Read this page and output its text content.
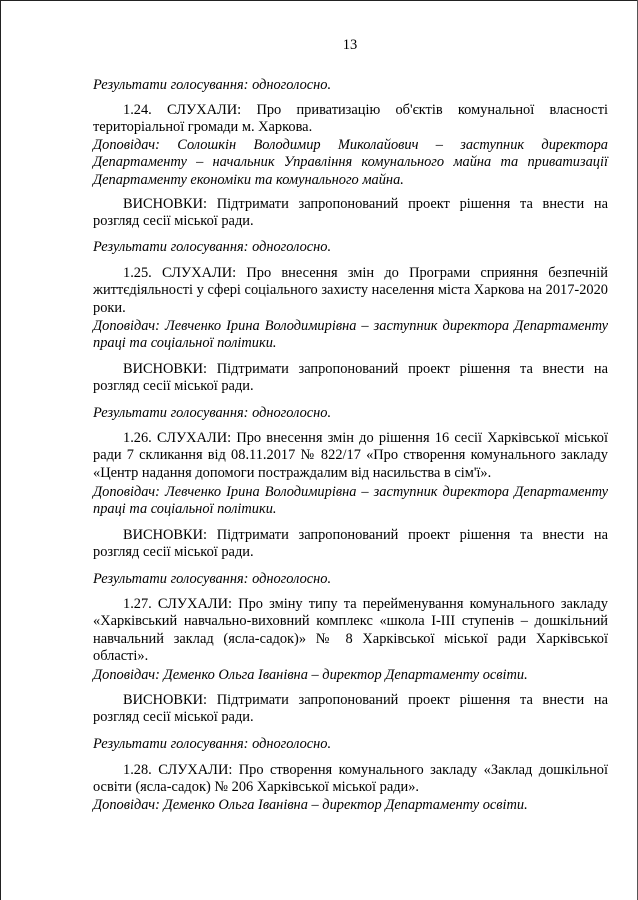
13
Результати голосування: одноголосно.
1.24. СЛУХАЛИ: Про приватизацію об'єктів комунальної власності територіальної громади м. Харкова.
Доповідач: Солошкін Володимир Миколайович – заступник директора Департаменту – начальник Управління комунального майна та приватизації Департаменту економіки та комунального майна.
ВИСНОВКИ: Підтримати запропонований проект рішення та внести на розгляд сесії міської ради.
Результати голосування: одноголосно.
1.25. СЛУХАЛИ: Про внесення змін до Програми сприяння безпечній життєдіяльності у сфері соціального захисту населення міста Харкова на 2017-2020 роки.
Доповідач: Левченко Ірина Володимирівна – заступник директора Департаменту праці та соціальної політики.
ВИСНОВКИ: Підтримати запропонований проект рішення та внести на розгляд сесії міської ради.
Результати голосування: одноголосно.
1.26. СЛУХАЛИ: Про внесення змін до рішення 16 сесії Харківської міської ради 7 скликання від 08.11.2017 № 822/17 «Про створення комунального закладу «Центр надання допомоги постраждалим від насильства в сім'ї».
Доповідач: Левченко Ірина Володимирівна – заступник директора Департаменту праці та соціальної політики.
ВИСНОВКИ: Підтримати запропонований проект рішення та внести на розгляд сесії міської ради.
Результати голосування: одноголосно.
1.27. СЛУХАЛИ: Про зміну типу та перейменування комунального закладу «Харківський навчально-виховний комплекс «школа І-ІІІ ступенів – дошкільний навчальний заклад (ясла-садок)» № 8 Харківської міської ради Харківської області».
Доповідач: Деменко Ольга Іванівна – директор Департаменту освіти.
ВИСНОВКИ: Підтримати запропонований проект рішення та внести на розгляд сесії міської ради.
Результати голосування: одноголосно.
1.28. СЛУХАЛИ: Про створення комунального закладу «Заклад дошкільної освіти (ясла-садок) № 206 Харківської міської ради».
Доповідач: Деменко Ольга Іванівна – директор Департаменту освіти.
